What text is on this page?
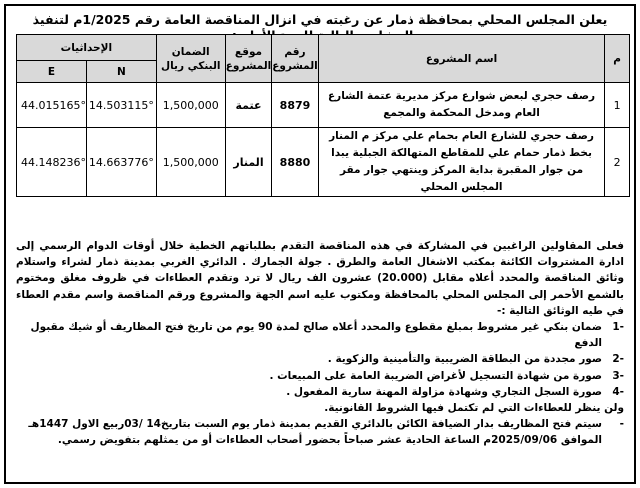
يعلن المجلس المحلي بمحافظة ذمار عن رغبته في انزال المناقصة العامة رقم 1/2025م لتنفيذ
م	اسم المشروع	رقم المشروع	موقع المشروع	الضمان البنكي ريال	الإحداثيات	
					N	E
1	رصف حجري لبعض شوارع مركز مديرية عتمة الشارع العام ومدخل المحكمة والمجمع	8879	عتمة	1,500,000	14.503115°	44.015165°
2	رصف حجري للشارع العام بحمام علي مركز م المنار بخط ذمار حمام علي للمقاطع المتهالكة الجبلية يبدا من جوار المقبرة بداية المركز وينتهي جوار مقر المجلس المحلي	8880	المنار	1,500,000	14.663776°	44.148236°

فعلى المقاولين الراغبين في المشاركة في هذه المناقصة التقدم بطلباتهم الخطية خلال أوقات الدوام الرسمي إلى ادارة المشتروات الكائنة بمكتب الاشغال العامة والطرق . جولة الجمارك . الدائري الغربي بمدينة ذمار لشراء واستلام وثائق المناقصة والمحدد أعلاه مقابل (20.000) عشرون الف ريال لا ترد وتقدم العطاءات في ظروف مغلق ومختوم بالشمع الأحمر إلى المجلس المحلي بالمحافظة ومكتوب عليه اسم الجهة والمشروع ورقم المناقصة واسم مقدم العطاء في طيه الوثائق التالية :-

-1
ضمان بنكي غير مشروط بمبلغ مقطوع والمحدد أعلاه صالح لمدة 90 يوم من تاريخ فتح المظاريف أو شيك مقبول الدفع
-2
صور مجددة من البطاقة الضريبية والتأمينية والزكوية .
-3
صورة من شهادة التسجيل لأغراض الضريبة العامة على المبيعات .
-4
صورة السجل التجاري وشهادة مزاولة المهنة سارية المفعول .

ولن ينظر للعطاءات التي لم تكتمل فيها الشروط القانونية.

-
سيتم فتح المظاريف بدار الضيافة الكائن بالدائري القديم بمدينة ذمار يوم السبت بتاريخ14 /03ربيع الاول 1447هـ الموافق 2025/09/06م الساعة الحادية عشر صباحاً بحضور أصحاب العطاءات أو من يمثلهم بتفويض رسمي.
